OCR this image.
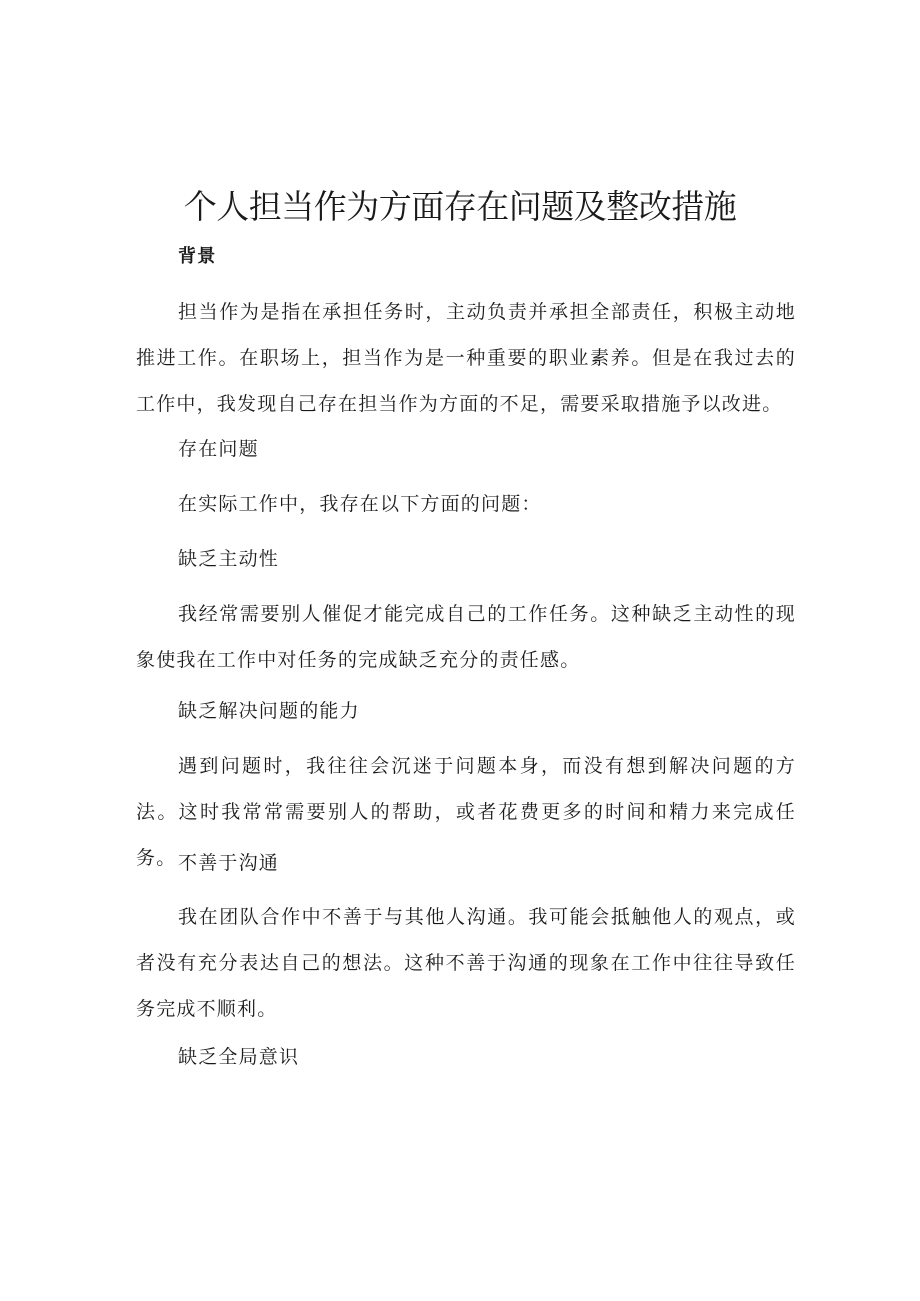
个人担当作为方面存在问题及整改措施
背景

担当作为是指在承担任务时，主动负责并承担全部责任，积极主动地推进工作。在职场上，担当作为是一种重要的职业素养。但是在我过去的工作中，我发现自己存在担当作为方面的不足，需要采取措施予以改进。

存在问题
在实际工作中，我存在以下方面的问题：
缺乏主动性

我经常需要别人催促才能完成自己的工作任务。这种缺乏主动性的现象使我在工作中对任务的完成缺乏充分的责任感。

缺乏解决问题的能力

遇到问题时，我往往会沉迷于问题本身，而没有想到解决问题的方法。这时我常常需要别人的帮助，或者花费更多的时间和精力来完成任务。 不善于沟通

我在团队合作中不善于与其他人沟通。我可能会抵触他人的观点，或者没有充分表达自己的想法。这种不善于沟通的现象在工作中往往导致任务完成不顺利。

缺乏全局意识
